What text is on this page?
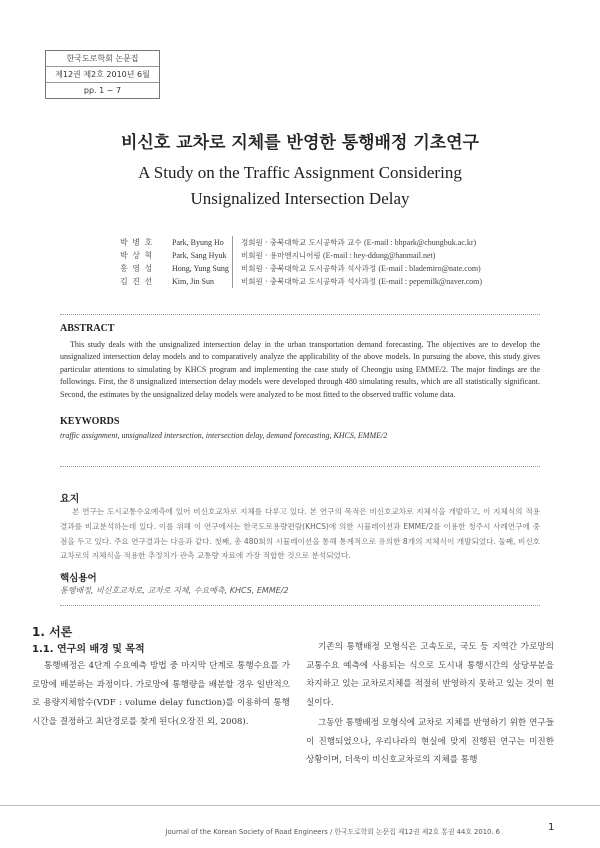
한국도로학회 논문집
제12권 제2호 2010년 6월
pp. 1 ~ 7
비신호 교차로 지체를 반영한 통행배정 기초연구
A Study on the Traffic Assignment Considering
Unsignalized Intersection Delay
박 병 호	Park, Byung Ho	정회원 · 충북대학교 도시공학과 교수 (E-mail : bhpark@chungbuk.ac.kr)
박 상 혁	Park, Sang Hyuk	비회원 · 용마엔지니어링 (E-mail : hey-ddung@hanmail.net)
홍 영 성	Hong, Yung Sung	비회원 · 충북대학교 도시공학과 석사과정 (E-mail : blademiro@nate.com)
김 진 선	Kim, Jin Sun	비회원 · 충북대학교 도시공학과 석사과정 (E-mail : pepemilk@naver.com)
ABSTRACT
This study deals with the unsignalized intersection delay in the urban transportation demand forecasting. The objectives are to develop the unsignalized intersection delay models and to comparatively analyze the applicability of the above models. In pursuing the above, this study gives particular attentions to simulating by KHCS program and implementing the case study of Cheongju using EMME/2. The major findings are the followings. First, the 8 unsignalized intersection delay models were developed through 480 simulating results, which are all statistically significant. Second, the estimates by the unsignalized delay models were analyzed to be most fitted to the observed traffic volume data.
KEYWORDS
traffic assignment, unsignalized intersection, intersection delay, demand forecasting, KHCS, EMME/2
요지
본 연구는 도시교통수요예측에 있어 비신호교차로 지체를 다루고 있다. 본 연구의 목적은 비신호교차로 지체식을 개발하고, 이 지체식의 적용결과를 비교분석하는데 있다. 이를 위해 이 연구에서는 한국도로용량편람(KHCS)에 의한 시뮬레이션과 EMME/2를 이용한 청주시 사례연구에 중점을 두고 있다. 주요 연구결과는 다음과 같다. 첫째, 총 480회의 시뮬레이션을 통해 통계적으로 유의한 8개의 지체식이 개발되었다. 둘째, 비신호교차로의 지체식을 적용한 추정치가 관측 교통량 자료에 가장 적합한 것으로 분석되었다.
핵심용어
통행배정, 비신호교차로, 교차로 지체, 수요예측, KHCS, EMME/2
1. 서론
1.1. 연구의 배경 및 목적

통행배정은 4단계 수요예측 방법 중 마지막 단계로 통행수요를 가로망에 배분하는 과정이다. 가로망에 통행량을 배분할 경우 일반적으로 용량지체함수(VDF : volume delay function)를 이용하여 통행시간을 결정하고 최단경로를 찾게 된다(오장진 외, 2008).

기존의 통행배정 모형식은 고속도로, 국도 등 지역간 가로망의 교통수요 예측에 사용되는 식으로 도시내 통행시간의 상당부분을 차지하고 있는 교차로지체를 적절히 반영하지 못하고 있는 것이 현실이다.

그동안 통행배정 모형식에 교차로 지체를 반영하기 위한 연구들이 진행되었으나, 우리나라의 현실에 맞게 진행된 연구는 미진한 상황이며, 더욱이 비신호교차로의 지체를 통행

Journal of the Korean Society of Road Engineers / 한국도로학회 논문집 제12권 제2호 통권 44호 2010. 6	1
